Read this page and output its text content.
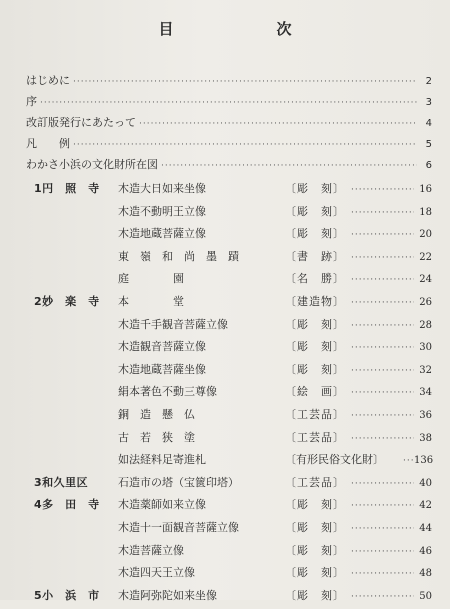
目　次
はじめに ·····	2
序 ·····	3
改訂版発行にあたって ·····	4
凡　　例 ·····	5
わかさ小浜の文化財所在図 ·····	6
1円　照　寺	木造大日如来坐像	〔彫　刻〕 ·····	16
木造不動明王立像	〔彫　刻〕 ·····	18
木造地蔵菩薩立像	〔彫　刻〕 ·····	20
東　嶺　和　尚　墨　蹟	〔書　跡〕 ·····	22
庭　　　　園	〔名　勝〕 ·····	24
2妙　楽　寺	本　　　　堂	〔建造物〕 ·····	26
木造千手観音菩薩立像	〔彫　刻〕 ·····	28
木造観音菩薩立像	〔彫　刻〕 ·····	30
木造地蔵菩薩坐像	〔彫　刻〕 ·····	32
絹本著色不動三尊像	〔絵　画〕 ·····	34
銅　造　懸　仏	〔工芸品〕 ·····	36
古　若　狭　塗	〔工芸品〕 ·····	38
如法経料足寄進札	〔有形民俗文化財〕 ·····	136
3和久里区	石造市の塔（宝篋印塔）	〔工芸品〕 ·····	40
4多　田　寺	木造薬師如来立像	〔彫　刻〕 ·····	42
木造十一面観音菩薩立像	〔彫　刻〕 ·····	44
木造菩薩立像	〔彫　刻〕 ·····	46
木造四天王立像	〔彫　刻〕 ·····	48
5小　浜　市	木造阿弥陀如来坐像	〔彫　刻〕 ·····	50
